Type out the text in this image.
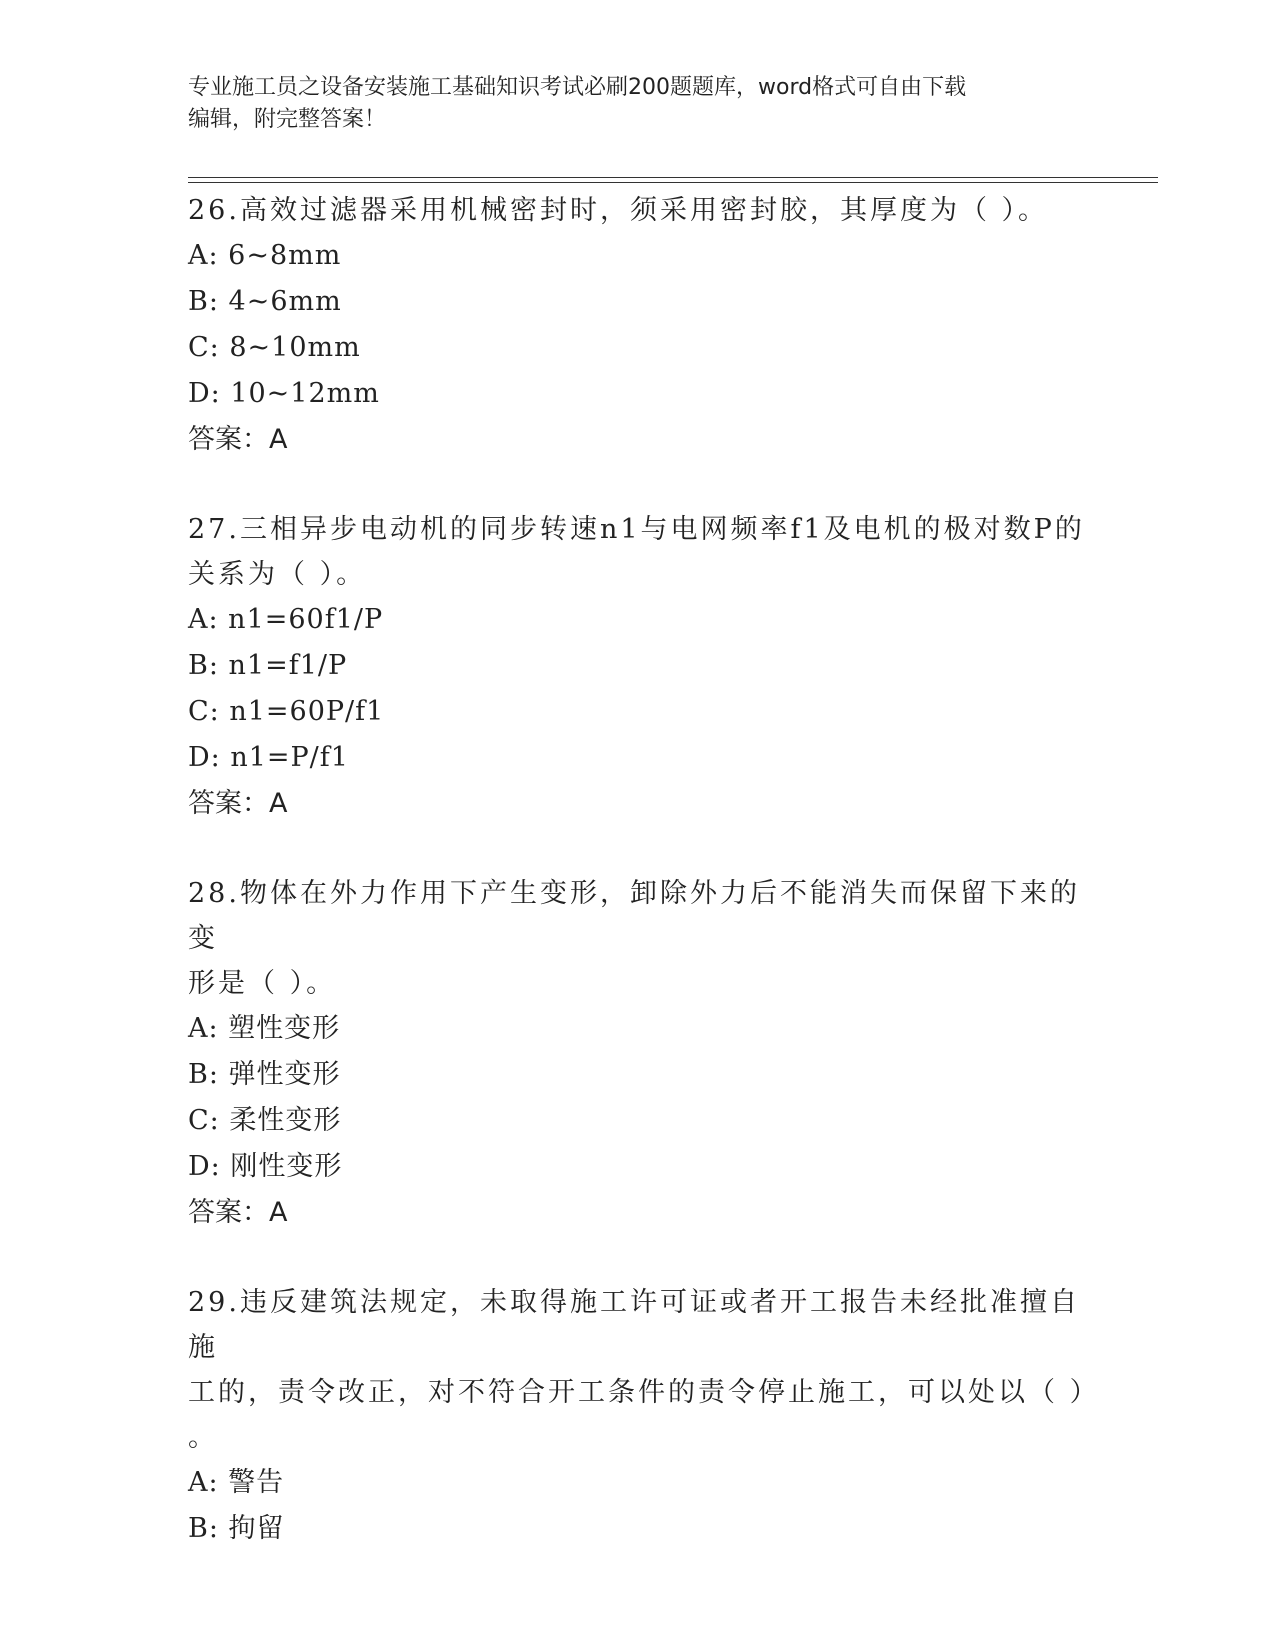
专业施工员之设备安装施工基础知识考试必刷200题题库，word格式可自由下载
编辑，附完整答案！

26.高效过滤器采用机械密封时，须采用密封胶，其厚度为（ ）。

A: 6~8mm

B: 4~6mm

C: 8~10mm

D: 10~12mm

答案：A

27.三相异步电动机的同步转速n1与电网频率f1及电机的极对数P的

关系为（ ）。

A: n1=60f1/P

B: n1=f1/P

C: n1=60P/f1

D: n1=P/f1

答案：A

28.物体在外力作用下产生变形，卸除外力后不能消失而保留下来的变

形是（ ）。

A: 塑性变形

B: 弹性变形

C: 柔性变形

D: 刚性变形

答案：A

29.违反建筑法规定，未取得施工许可证或者开工报告未经批准擅自施

工的，责令改正，对不符合开工条件的责令停止施工，可以处以（ ）

。

A: 警告

B: 拘留
